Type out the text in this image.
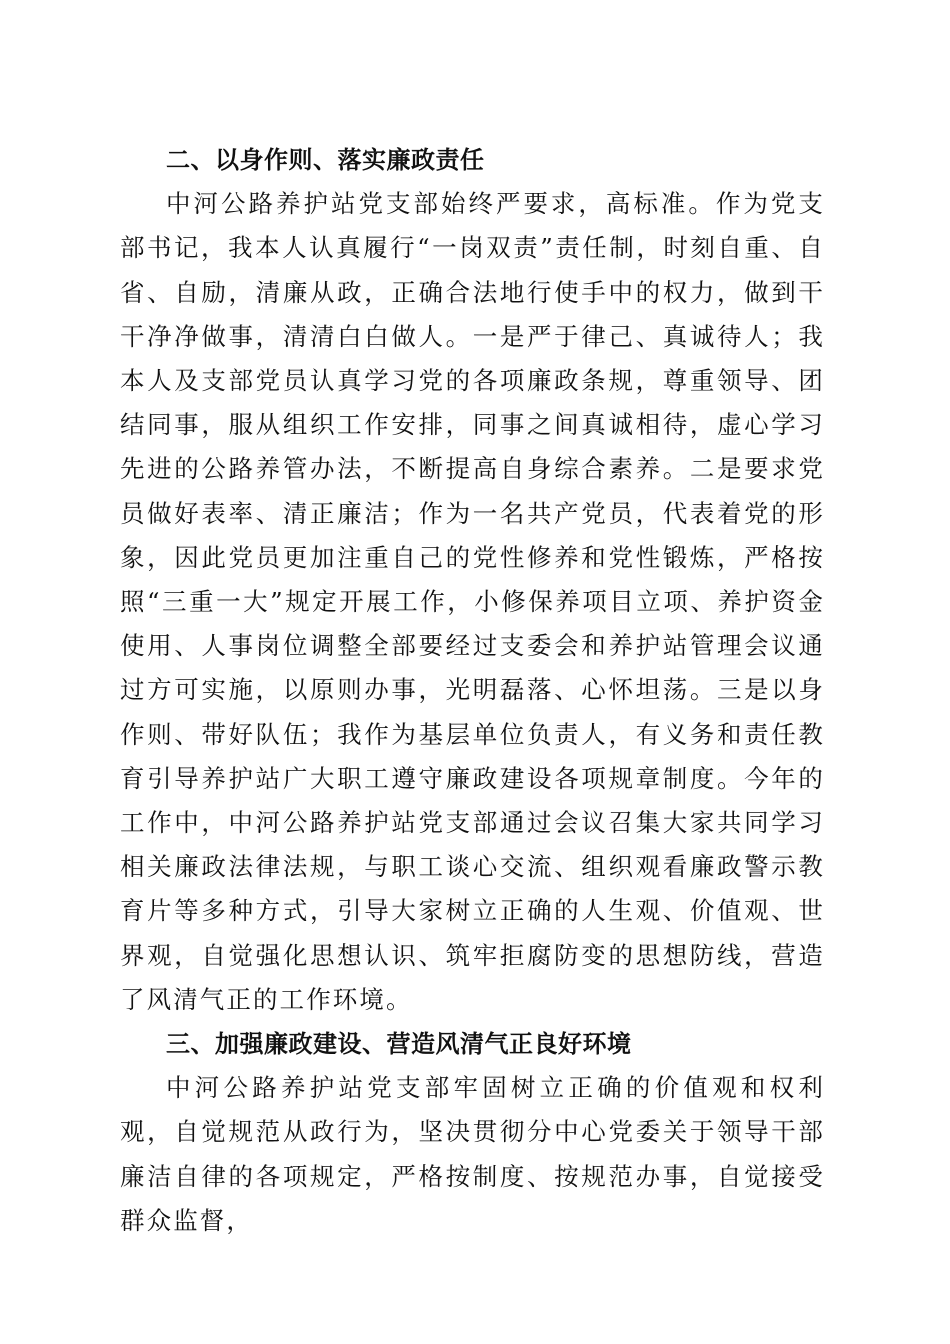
二、以身作则、落实廉政责任

中河公路养护站党支部始终严要求，高标准。作为党支部书记，我本人认真履行“一岗双责”责任制，时刻自重、自省、自励，清廉从政，正确合法地行使手中的权力，做到干干净净做事，清清白白做人。一是严于律己、真诚待人；我本人及支部党员认真学习党的各项廉政条规，尊重领导、团结同事，服从组织工作安排，同事之间真诚相待，虚心学习先进的公路养管办法，不断提高自身综合素养。二是要求党员做好表率、清正廉洁；作为一名共产党员，代表着党的形象，因此党员更加注重自己的党性修养和党性锻炼，严格按照“三重一大”规定开展工作，小修保养项目立项、养护资金使用、人事岗位调整全部要经过支委会和养护站管理会议通过方可实施，以原则办事，光明磊落、心怀坦荡。三是以身作则、带好队伍；我作为基层单位负责人，有义务和责任教育引导养护站广大职工遵守廉政建设各项规章制度。今年的工作中，中河公路养护站党支部通过会议召集大家共同学习相关廉政法律法规，与职工谈心交流、组织观看廉政警示教育片等多种方式，引导大家树立正确的人生观、价值观、世界观，自觉强化思想认识、筑牢拒腐防变的思想防线，营造了风清气正的工作环境。

三、加强廉政建设、营造风清气正良好环境

中河公路养护站党支部牢固树立正确的价值观和权利观，自觉规范从政行为，坚决贯彻分中心党委关于领导干部廉洁自律的各项规定，严格按制度、按规范办事，自觉接受群众监督，
